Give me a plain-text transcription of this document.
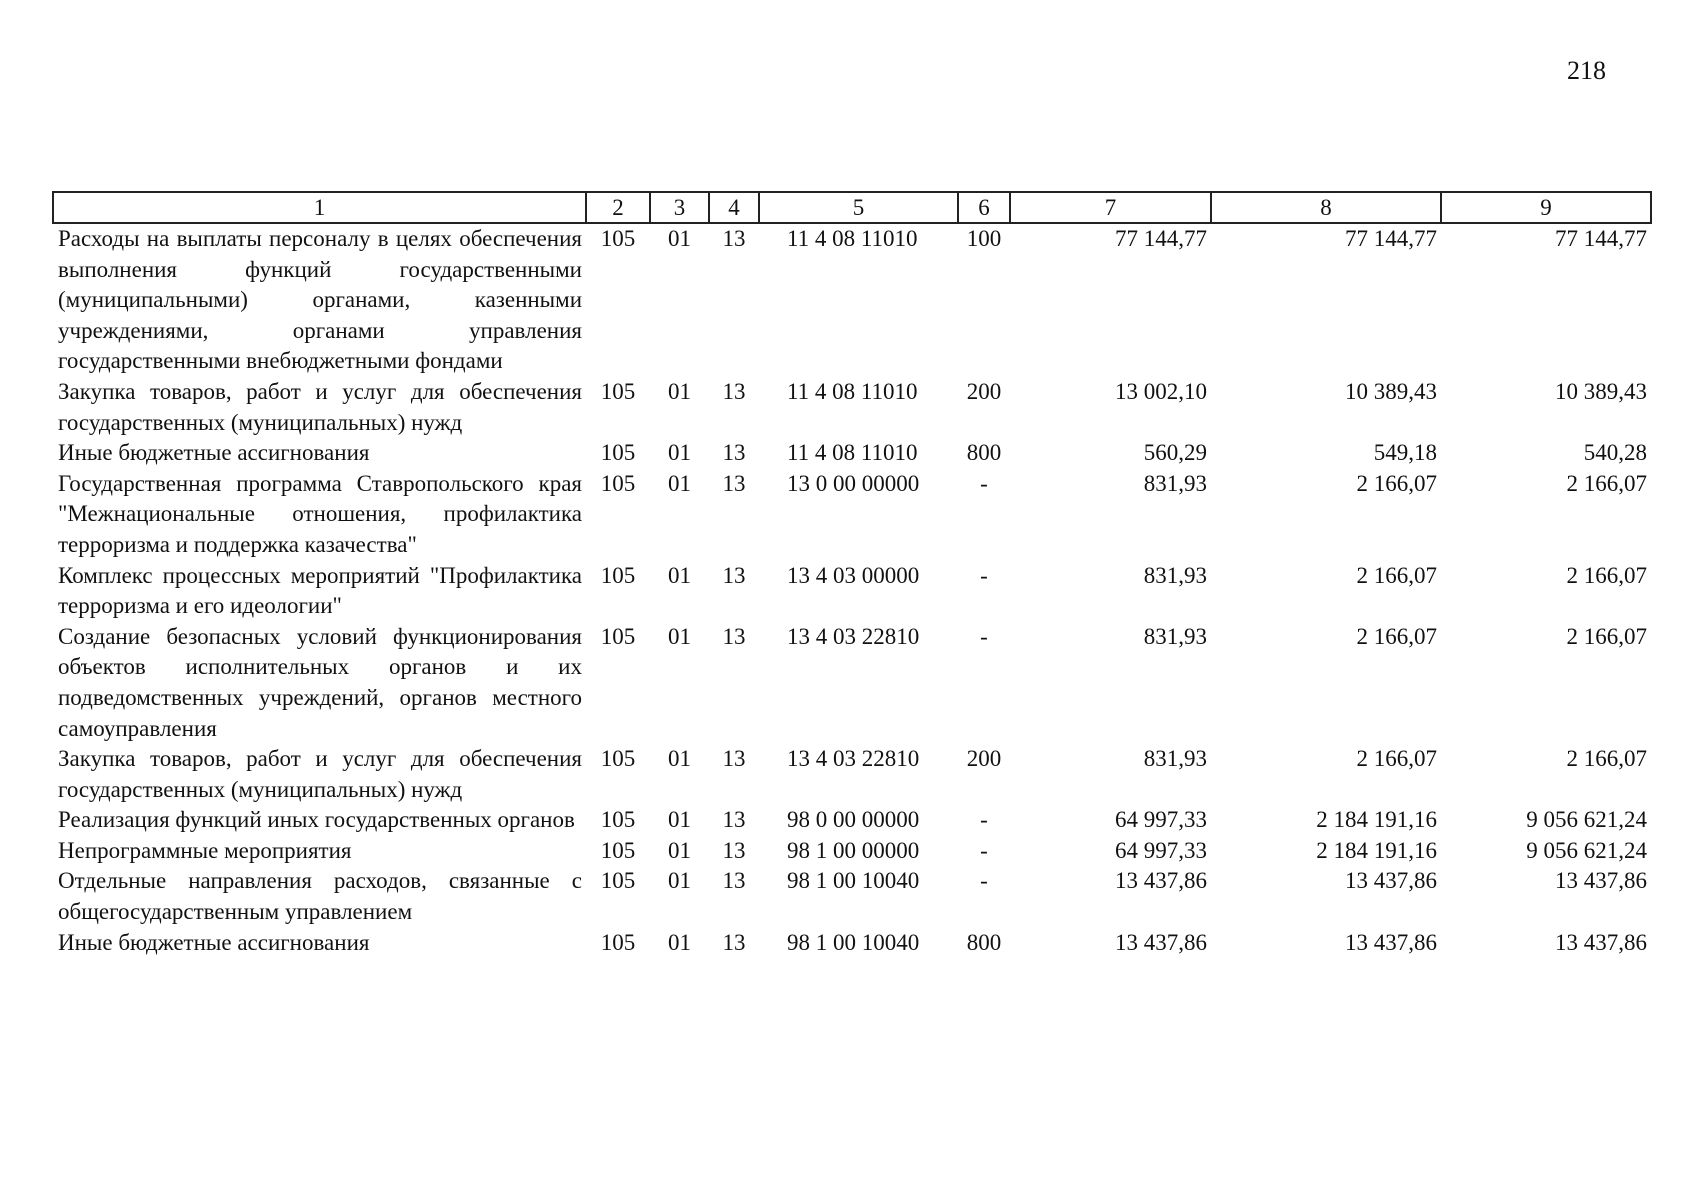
218
1	2	3	4	5	6	7	8	9
Расходы на выплаты персоналу в целях обеспечения выполнения функций государственными (муниципальными) органами, казенными учреждениями, органами управления государственными внебюджетными фондами	105	01	13	11 4 08 11010	100	77 144,77	77 144,77	77 144,77
Закупка товаров, работ и услуг для обеспечения государственных (муниципальных) нужд	105	01	13	11 4 08 11010	200	13 002,10	10 389,43	10 389,43
Иные бюджетные ассигнования	105	01	13	11 4 08 11010	800	560,29	549,18	540,28
Государственная программа Ставропольского края "Межнациональные отношения, профилактика терроризма и поддержка казачества"	105	01	13	13 0 00 00000	-	831,93	2 166,07	2 166,07
Комплекс процессных мероприятий "Профилактика терроризма и его идеологии"	105	01	13	13 4 03 00000	-	831,93	2 166,07	2 166,07
Создание безопасных условий функционирования объектов исполнительных органов и их подведомственных учреждений, органов местного самоуправления	105	01	13	13 4 03 22810	-	831,93	2 166,07	2 166,07
Закупка товаров, работ и услуг для обеспечения государственных (муниципальных) нужд	105	01	13	13 4 03 22810	200	831,93	2 166,07	2 166,07
Реализация функций иных государственных органов	105	01	13	98 0 00 00000	-	64 997,33	2 184 191,16	9 056 621,24
Непрограммные мероприятия	105	01	13	98 1 00 00000	-	64 997,33	2 184 191,16	9 056 621,24
Отдельные направления расходов, связанные с общегосударственным управлением	105	01	13	98 1 00 10040	-	13 437,86	13 437,86	13 437,86
Иные бюджетные ассигнования	105	01	13	98 1 00 10040	800	13 437,86	13 437,86	13 437,86
